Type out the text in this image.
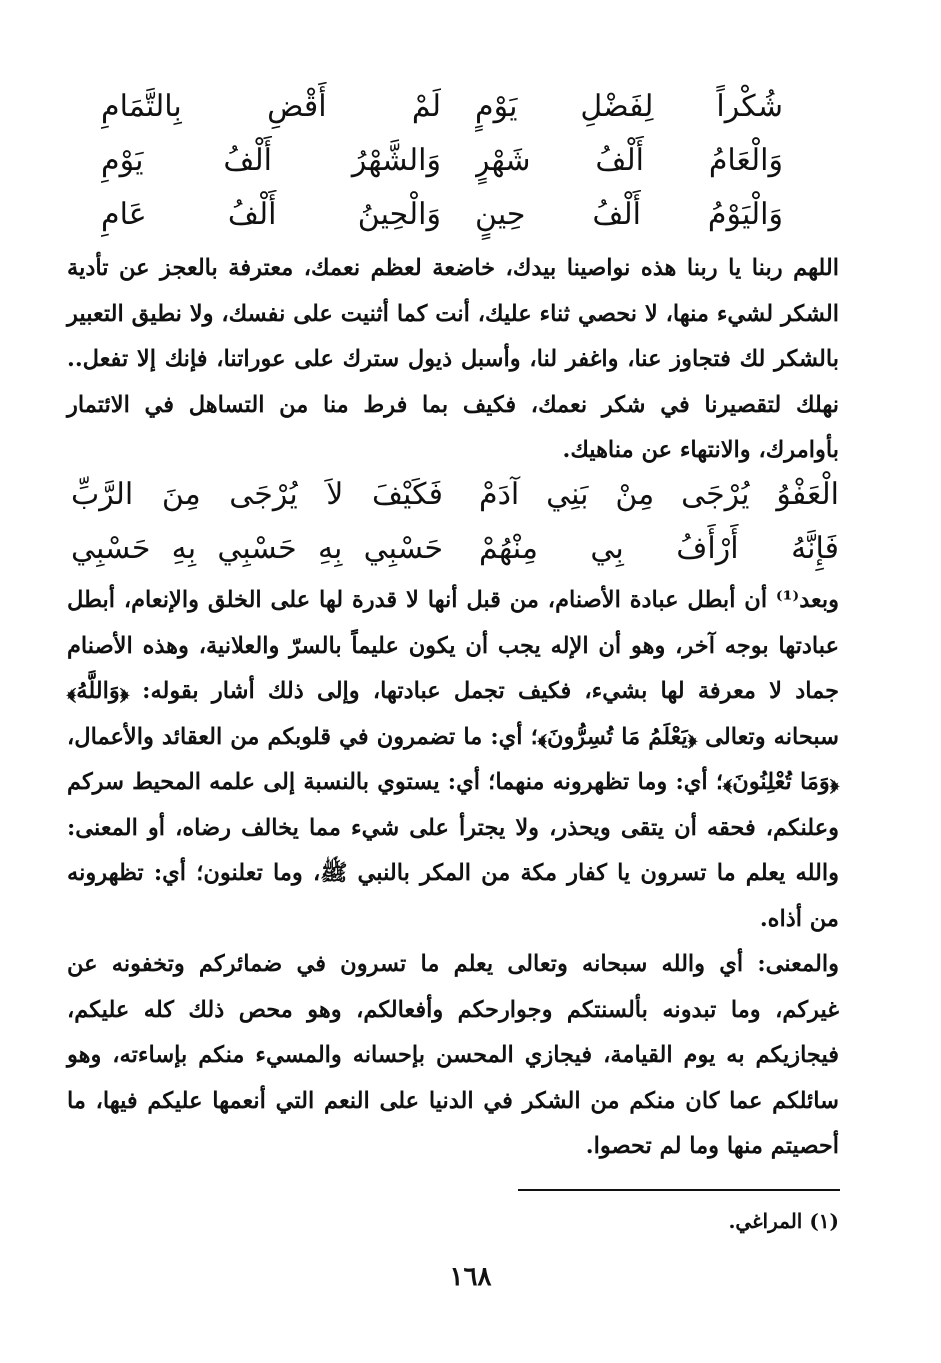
شُكْراً لِفَضْلِ يَوْمٍ
لَمْ أَقْضِ بِالتَّمَامِ
وَالْعَامُ أَلْفُ شَهْرٍ
وَالشَّهْرُ أَلْفُ يَوْمِ
وَالْيَوْمُ أَلْفُ حِينٍ
وَالْحِينُ أَلْفُ عَامِ
اللهم ربنا يا ربنا هذه نواصينا بيدك، خاضعة لعظم نعمك، معترفة بالعجز عن تأدية الشكر لشيء منها، لا نحصي ثناء عليك، أنت كما أثنيت على نفسك، ولا نطيق التعبير بالشكر لك فتجاوز عنا، واغفر لنا، وأسبل ذيول سترك على عوراتنا، فإنك إلا تفعل.. نهلك لتقصيرنا في شكر نعمك، فكيف بما فرط منا من التساهل في الائتمار بأوامرك، والانتهاء عن مناهيك.
الْعَفْوُ يُرْجَى مِنْ بَنِي آدَمْ
فَكَيْفَ لاَ يُرْجَى مِنَ الرَّبِّ
فَإِنَّهُ أَرْأَفُ بِي مِنْهُمْ
حَسْبِي بِهِ حَسْبِي بِهِ حَسْبِي
وبعد⁽¹⁾ أن أبطل عبادة الأصنام، من قبل أنها لا قدرة لها على الخلق والإنعام، أبطل عبادتها بوجه آخر، وهو أن الإله يجب أن يكون عليماً بالسرّ والعلانية، وهذه الأصنام جماد لا معرفة لها بشيء، فكيف تجمل عبادتها، وإلى ذلك أشار بقوله: ﴿وَاللَّهُ﴾ سبحانه وتعالى ﴿يَعْلَمُ مَا تُسِرُّونَ﴾؛ أي: ما تضمرون في قلوبكم من العقائد والأعمال، ﴿وَمَا تُعْلِنُونَ﴾؛ أي: وما تظهرونه منهما؛ أي: يستوي بالنسبة إلى علمه المحيط سركم وعلنكم، فحقه أن يتقى ويحذر، ولا يجترأ على شيء مما يخالف رضاه، أو المعنى: والله يعلم ما تسرون يا كفار مكة من المكر بالنبي ﷺ، وما تعلنون؛ أي: تظهرونه من أذاه.
والمعنى: أي والله سبحانه وتعالى يعلم ما تسرون في ضمائركم وتخفونه عن غيركم، وما تبدونه بألسنتكم وجوارحكم وأفعالكم، وهو محص ذلك كله عليكم، فيجازيكم به يوم القيامة، فيجازي المحسن بإحسانه والمسيء منكم بإساءته، وهو سائلكم عما كان منكم من الشكر في الدنيا على النعم التي أنعمها عليكم فيها، ما أحصيتم منها وما لم تحصوا.
(١) المراغي.
١٦٨
